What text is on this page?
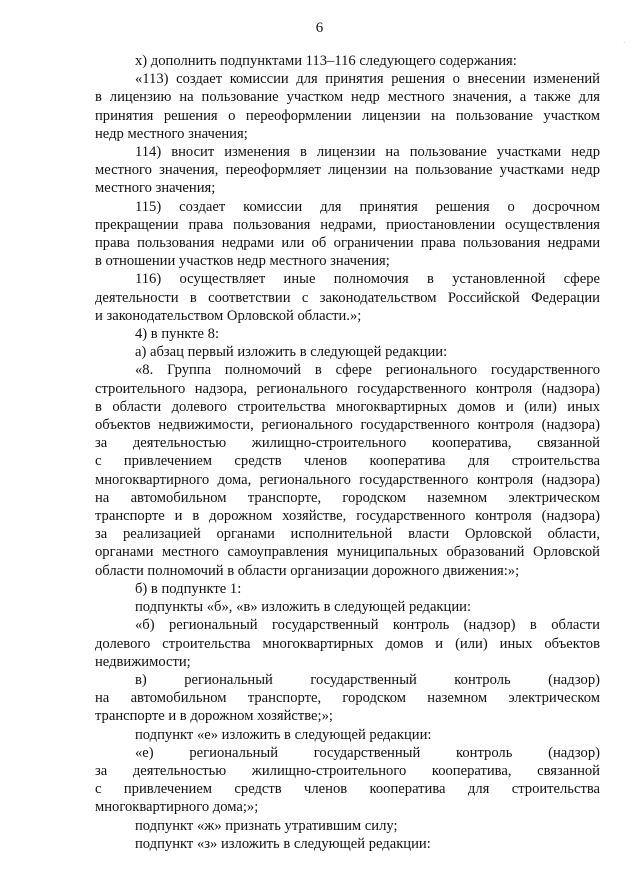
6
·
х) дополнить подпунктами 113–116 следующего содержания:
«113) создает комиссии для принятия решения о внесении изменений
в лицензию на пользование участком недр местного значения, а также для
принятия решения о переоформлении лицензии на пользование участком
недр местного значения;
114) вносит изменения в лицензии на пользование участками недр
местного значения, переоформляет лицензии на пользование участками недр
местного значения;
115) создает комиссии для принятия решения о досрочном
прекращении права пользования недрами, приостановлении осуществления
права пользования недрами или об ограничении права пользования недрами
в отношении участков недр местного значения;
116) осуществляет иные полномочия в установленной сфере
деятельности в соответствии с законодательством Российской Федерации
и законодательством Орловской области.»;
4) в пункте 8:
а) абзац первый изложить в следующей редакции:
«8. Группа полномочий в сфере регионального государственного
строительного надзора, регионального государственного контроля (надзора)
в области долевого строительства многоквартирных домов и (или) иных
объектов недвижимости, регионального государственного контроля (надзора)
за деятельностью жилищно-строительного кооператива, связанной
с привлечением средств членов кооператива для строительства
многоквартирного дома, регионального государственного контроля (надзора)
на автомобильном транспорте, городском наземном электрическом
транспорте и в дорожном хозяйстве, государственного контроля (надзора)
за реализацией органами исполнительной власти Орловской области,
органами местного самоуправления муниципальных образований Орловской
области полномочий в области организации дорожного движения:»;
б) в подпункте 1:
подпункты «б», «в» изложить в следующей редакции:
«б) региональный государственный контроль (надзор) в области
долевого строительства многоквартирных домов и (или) иных объектов
недвижимости;
в) региональный государственный контроль (надзор)
на автомобильном транспорте, городском наземном электрическом
транспорте и в дорожном хозяйстве;»;
подпункт «е» изложить в следующей редакции:
«е) региональный государственный контроль (надзор)
за деятельностью жилищно-строительного кооператива, связанной
с привлечением средств членов кооператива для строительства
многоквартирного дома;»;
подпункт «ж» признать утратившим силу;
подпункт «з» изложить в следующей редакции:
